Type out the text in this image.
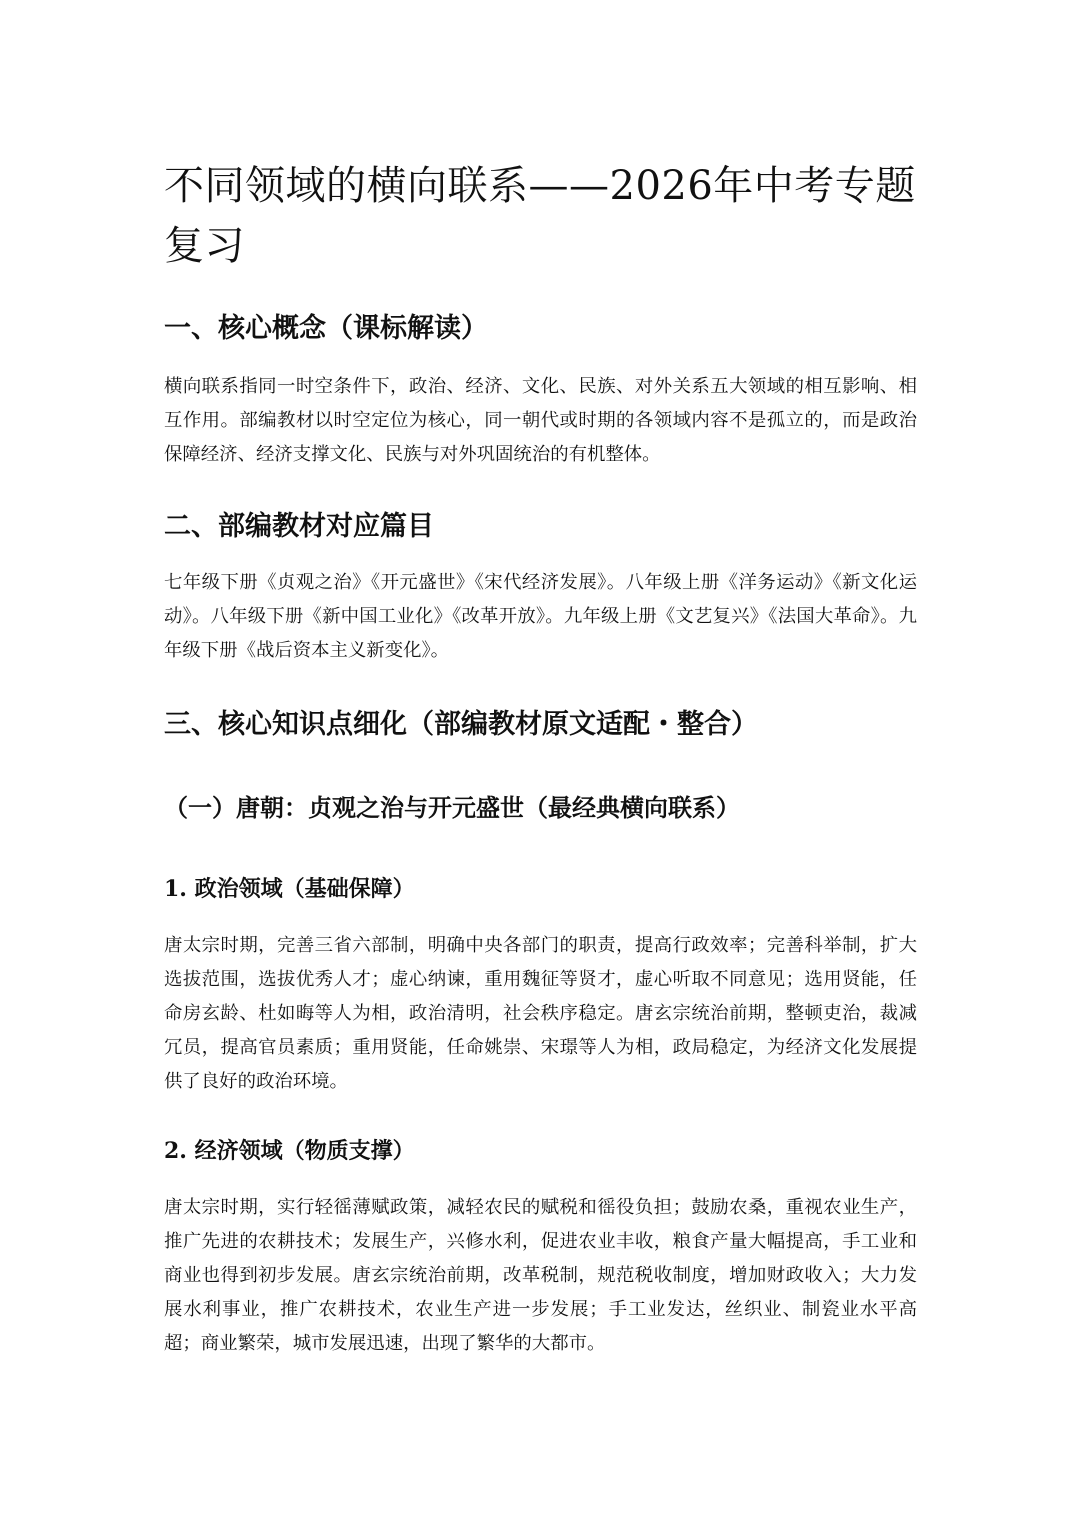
不同领域的横向联系——2026年中考专题复习
一、核心概念（课标解读）

横向联系指同一时空条件下，政治、经济、文化、民族、对外关系五大领域的相互影响、相互作用。部编教材以时空定位为核心，同一朝代或时期的各领域内容不是孤立的，而是政治保障经济、经济支撑文化、民族与对外巩固统治的有机整体。

二、部编教材对应篇目

七年级下册《贞观之治》《开元盛世》《宋代经济发展》。八年级上册《洋务运动》《新文化运动》。八年级下册《新中国工业化》《改革开放》。九年级上册《文艺复兴》《法国大革命》。九年级下册《战后资本主义新变化》。

三、核心知识点细化（部编教材原文适配・整合）
（一）唐朝：贞观之治与开元盛世（最经典横向联系）
1. 政治领域（基础保障）

唐太宗时期，完善三省六部制，明确中央各部门的职责，提高行政效率；完善科举制，扩大选拔范围，选拔优秀人才；虚心纳谏，重用魏征等贤才，虚心听取不同意见；选用贤能，任命房玄龄、杜如晦等人为相，政治清明，社会秩序稳定。唐玄宗统治前期，整顿吏治，裁减冗员，提高官员素质；重用贤能，任命姚崇、宋璟等人为相，政局稳定，为经济文化发展提供了良好的政治环境。

2. 经济领域（物质支撑）

唐太宗时期，实行轻徭薄赋政策，减轻农民的赋税和徭役负担；鼓励农桑，重视农业生产，推广先进的农耕技术；发展生产，兴修水利，促进农业丰收，粮食产量大幅提高，手工业和商业也得到初步发展。唐玄宗统治前期，改革税制，规范税收制度，增加财政收入；大力发展水利事业，推广农耕技术，农业生产进一步发展；手工业发达，丝织业、制瓷业水平高超；商业繁荣，城市发展迅速，出现了繁华的大都市。
